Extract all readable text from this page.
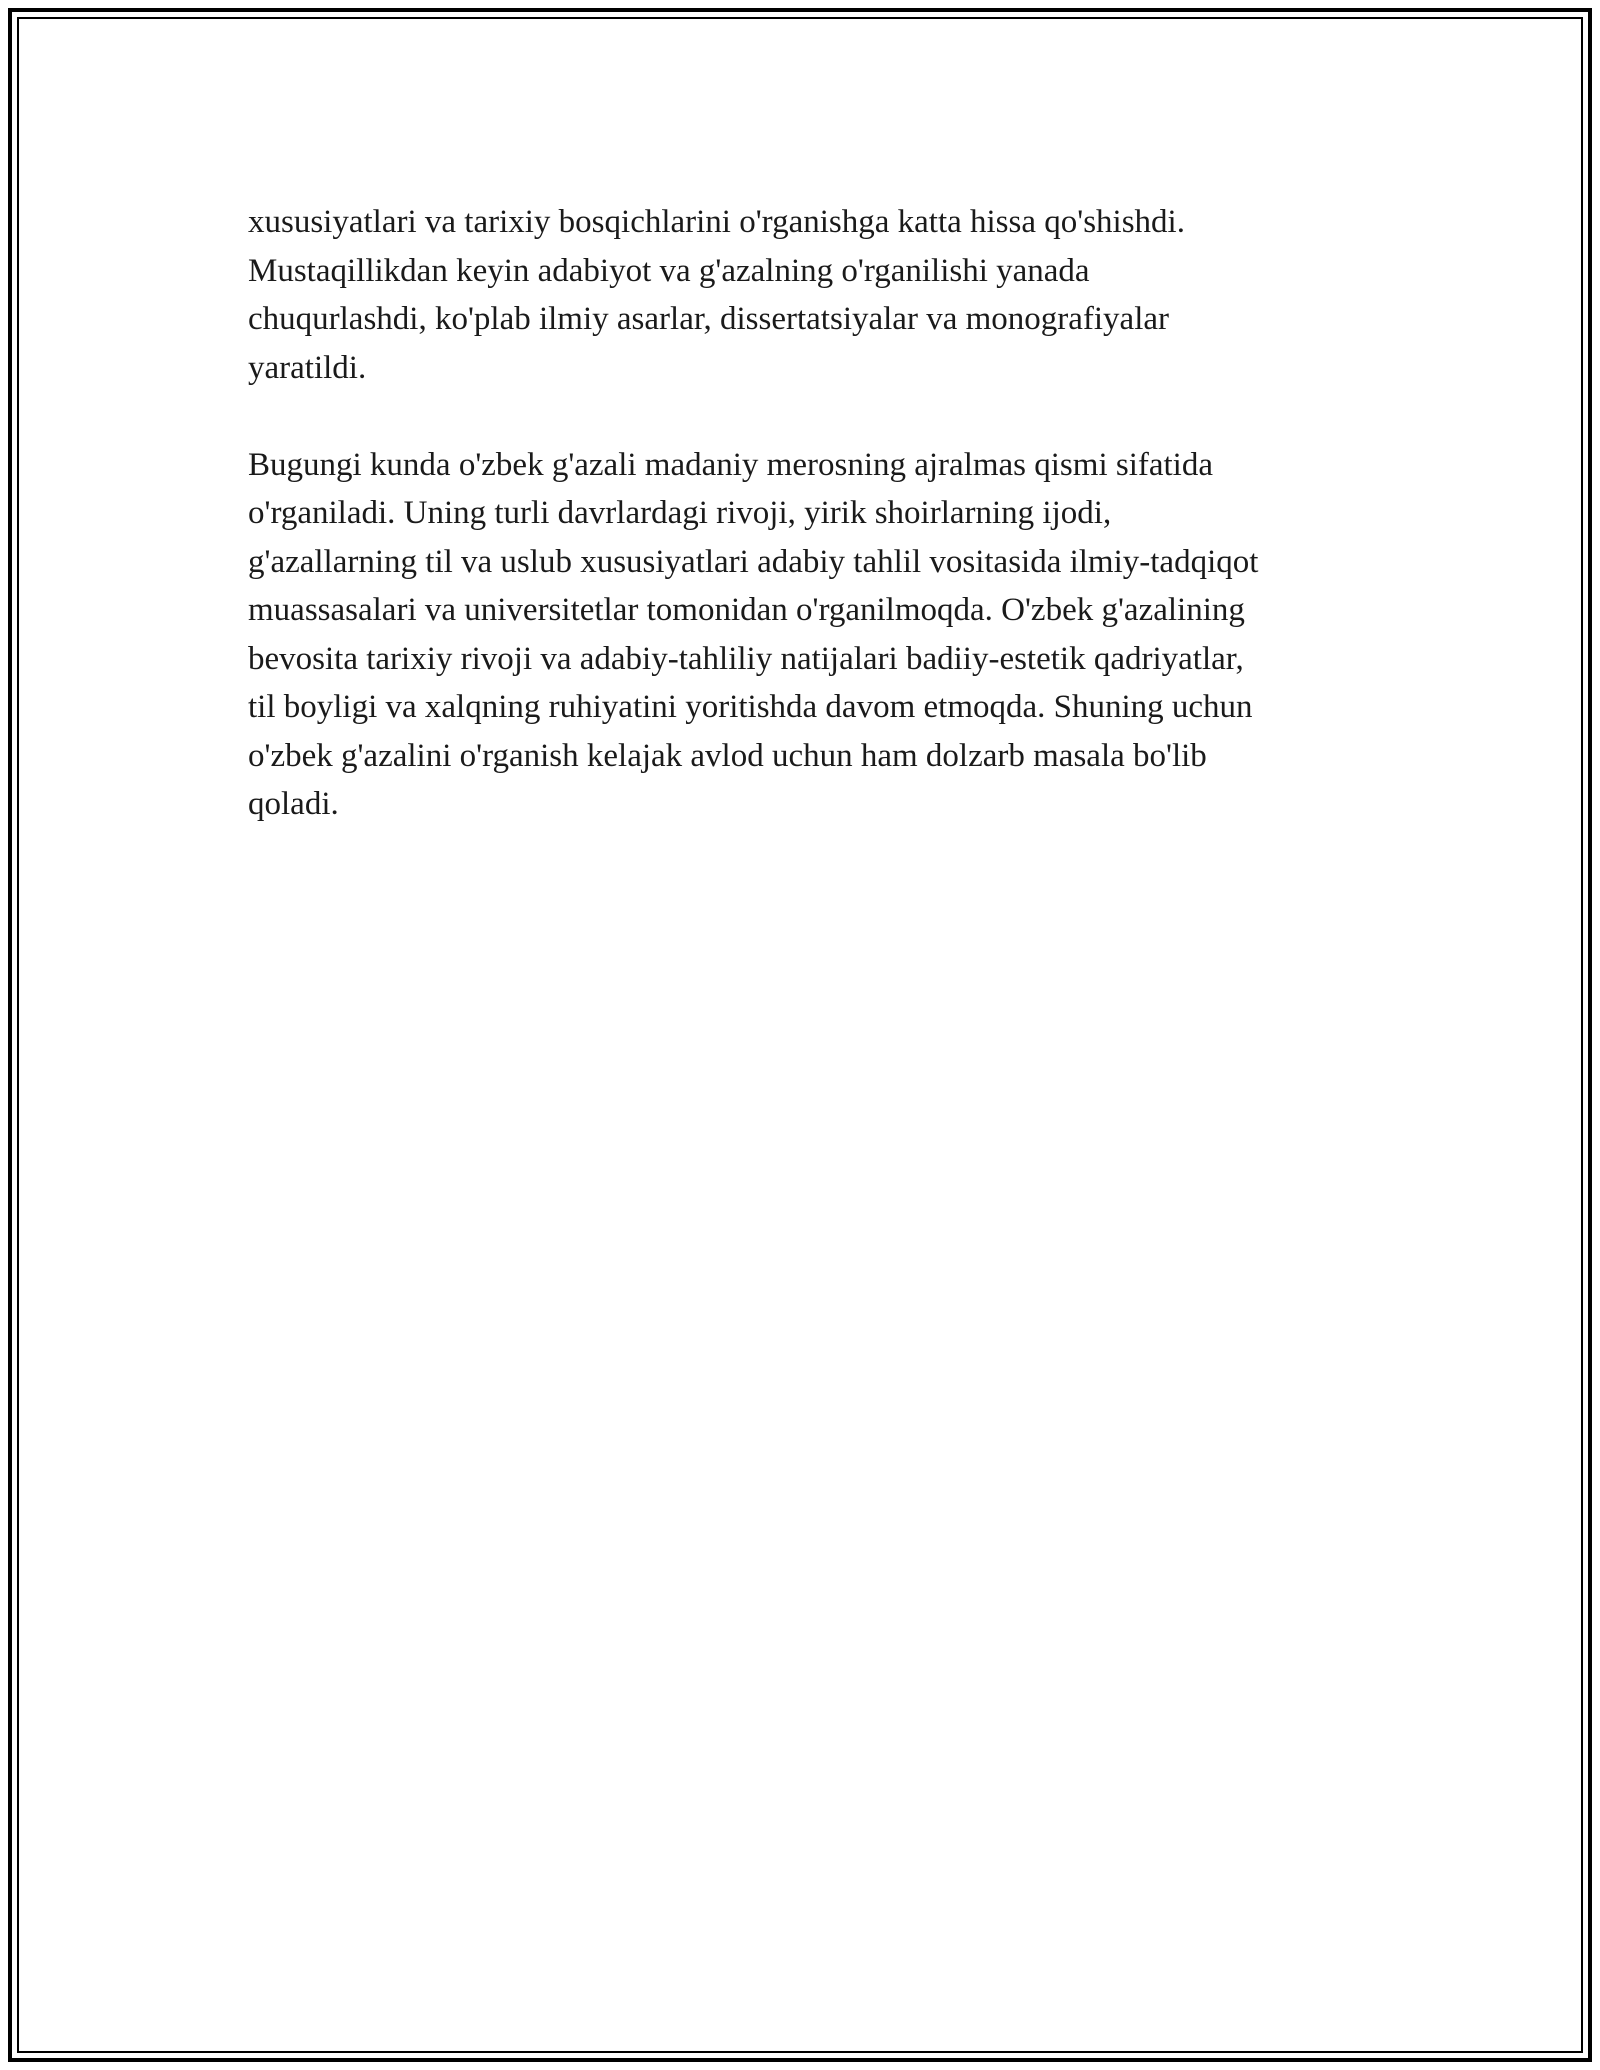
xususiyatlari va tarixiy bosqichlarini o'rganishga katta hissa qo'shishdi.
Mustaqillikdan keyin adabiyot va g'azalning o'rganilishi yanada
chuqurlashdi, ko'plab ilmiy asarlar, dissertatsiyalar va monografiyalar
yaratildi.

Bugungi kunda o'zbek g'azali madaniy merosning ajralmas qismi sifatida
o'rganiladi. Uning turli davrlardagi rivoji, yirik shoirlarning ijodi,
g'azallarning til va uslub xususiyatlari adabiy tahlil vositasida ilmiy-tadqiqot
muassasalari va universitetlar tomonidan o'rganilmoqda. O'zbek g'azalining
bevosita tarixiy rivoji va adabiy-tahliliy natijalari badiiy-estetik qadriyatlar,
til boyligi va xalqning ruhiyatini yoritishda davom etmoqda. Shuning uchun
o'zbek g'azalini o'rganish kelajak avlod uchun ham dolzarb masala bo'lib
qoladi.
